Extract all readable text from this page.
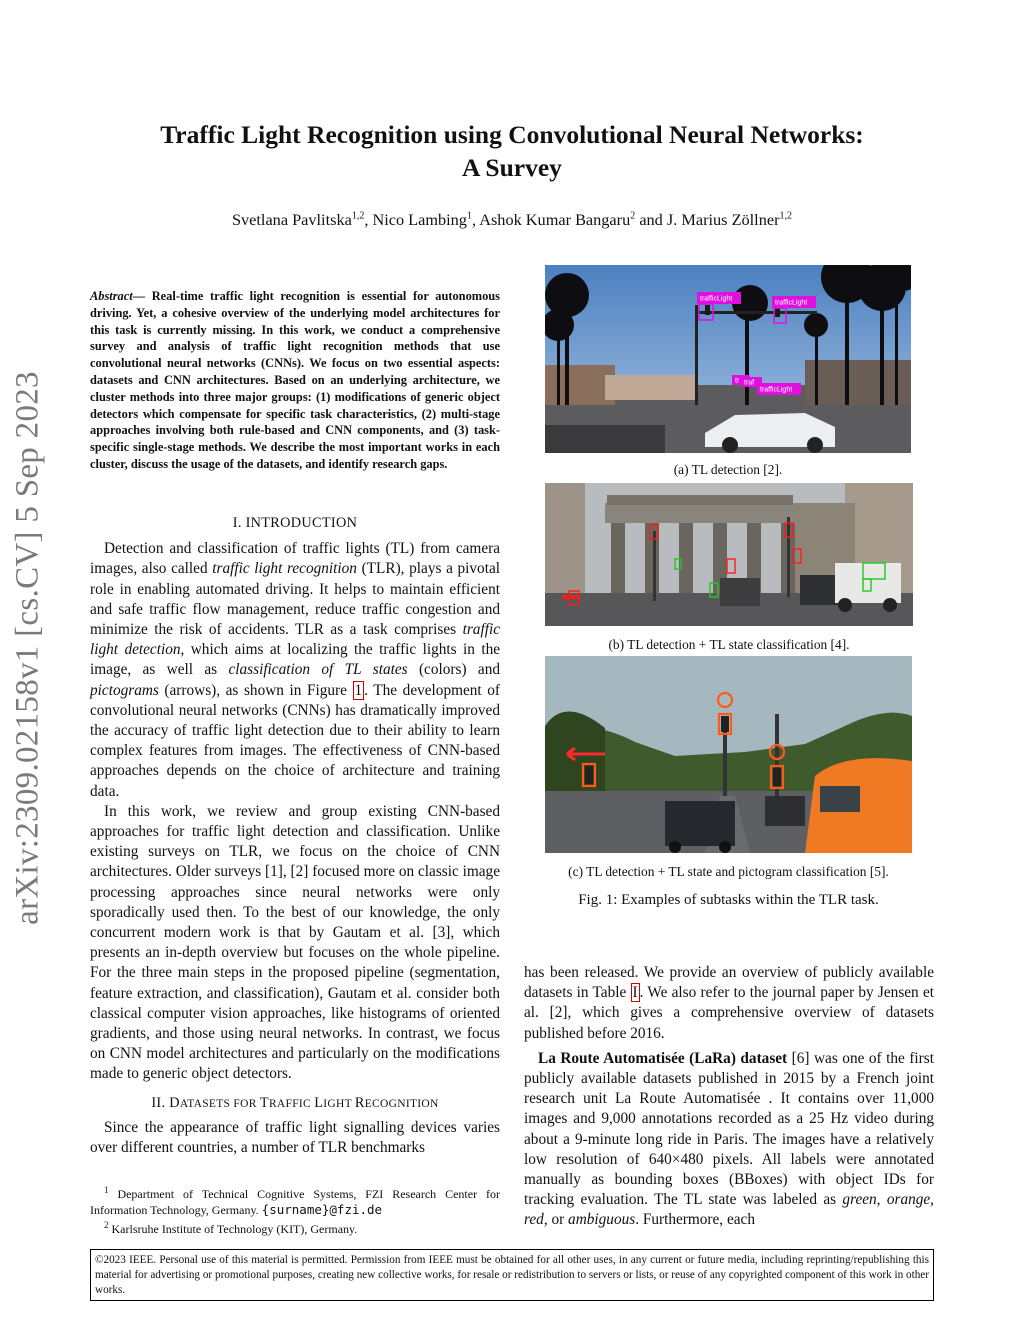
arXiv:2309.02158v1 [cs.CV] 5 Sep 2023
Traffic Light Recognition using Convolutional Neural Networks:
A Survey
Svetlana Pavlitska$^{1,2}$, Nico Lambing$^1$, Ashok Kumar Bangaru$^2$ and J. Marius Zöllner$^{1,2}$
Abstract— Real-time traffic light recognition is essential for autonomous driving. Yet, a cohesive overview of the underlying model architectures for this task is currently missing. In this work, we conduct a comprehensive survey and analysis of traffic light recognition methods that use convolutional neural networks (CNNs). We focus on two essential aspects: datasets and CNN architectures. Based on an underlying architecture, we cluster methods into three major groups: (1) modifications of generic object detectors which compensate for specific task characteristics, (2) multi-stage approaches involving both rule-based and CNN components, and (3) task-specific single-stage methods. We describe the most important works in each cluster, discuss the usage of the datasets, and identify research gaps.
I. INTRODUCTION

Detection and classification of traffic lights (TL) from camera images, also called traffic light recognition (TLR), plays a pivotal role in enabling automated driving. It helps to maintain efficient and safe traffic flow management, reduce traffic congestion and minimize the risk of accidents. TLR as a task comprises traffic light detection, which aims at localizing the traffic lights in the image, as well as classification of TL states (colors) and pictograms (arrows), as shown in Figure 1 . The development of convolutional neural networks (CNNs) has dramatically improved the accuracy of traffic light detection due to their ability to learn complex features from images. The effectiveness of CNN-based approaches depends on the choice of architecture and training data.

In this work, we review and group existing CNN-based approaches for traffic light detection and classification. Unlike existing surveys on TLR, we focus on the choice of CNN architectures. Older surveys [1], [2] focused more on classic image processing approaches since neural networks were only sporadically used then. To the best of our knowledge, the only concurrent modern work is that by Gautam et al. [3], which presents an in-depth overview but focuses on the whole pipeline. For the three main steps in the proposed pipeline (segmentation, feature extraction, and classification), Gautam et al. consider both classical computer vision approaches, like histograms of oriented gradients, and those using neural networks. In contrast, we focus on CNN model architectures and particularly on the modifications made to generic object detectors.

II. DATASETS FOR TRAFFIC LIGHT RECOGNITION

Since the appearance of traffic light signalling devices varies over different countries, a number of TLR benchmarks

$^1$ Department of Technical Cognitive Systems, FZI Research Center for Information Technology, Germany. {surname}@fzi.de
$^2$ Karlsruhe Institute of Technology (KIT), Germany.
trafficLight
trafficLight
tr traf
trafficLight
(a) TL detection [2].
(b) TL detection + TL state classification [4].
(c) TL detection + TL state and pictogram classification [5].
Fig. 1: Examples of subtasks within the TLR task.

has been released. We provide an overview of publicly available datasets in Table I . We also refer to the journal paper by Jensen et al. [2], which gives a comprehensive overview of datasets published before 2016.

La Route Automatisée (LaRa) dataset [6] was one of the first publicly available datasets published in 2015 by a French joint research unit La Route Automatisée . It contains over 11,000 images and 9,000 annotations recorded as a 25 Hz video during about a 9-minute long ride in Paris. The images have a relatively low resolution of 640×480 pixels. All labels were annotated manually as bounding boxes (BBoxes) with object IDs for tracking evaluation. The TL state was labeled as green, orange, red, or ambiguous. Furthermore, each

©2023 IEEE. Personal use of this material is permitted. Permission from IEEE must be obtained for all other uses, in any current or future media, including reprinting/republishing this material for advertising or promotional purposes, creating new collective works, for resale or redistribution to servers or lists, or reuse of any copyrighted component of this work in other works.
